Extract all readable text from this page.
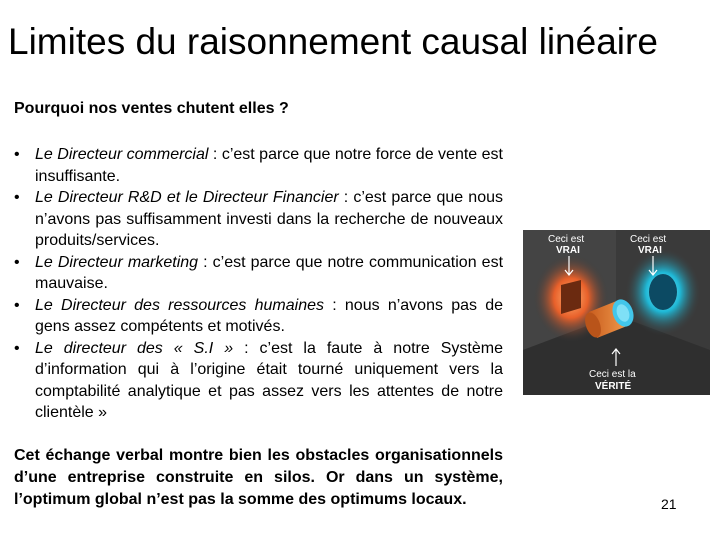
Limites du raisonnement causal linéaire
Pourquoi nos ventes chutent elles ?
• Le Directeur commercial : c’est parce que notre force de vente est insuffisante.
• Le Directeur R&D et le Directeur Financier : c’est parce que nous n’avons pas suffisamment investi dans la recherche de nouveaux produits/services.
• Le Directeur marketing : c’est parce que notre communication est mauvaise.
• Le Directeur des ressources humaines : nous n’avons pas de gens assez compétents et motivés.
• Le directeur des « S.I » : c’est la faute à notre Système d’information qui à l’origine était tourné uniquement vers la comptabilité analytique et pas assez vers les attentes de notre clientèle »

Cet échange verbal montre bien les obstacles organisationnels d’une entreprise construite en silos. Or dans un système, l’optimum global n’est pas la somme des optimums locaux.

Ceci est
VRAI
Ceci est
VRAI
Ceci est la
VÉRITÉ
21
